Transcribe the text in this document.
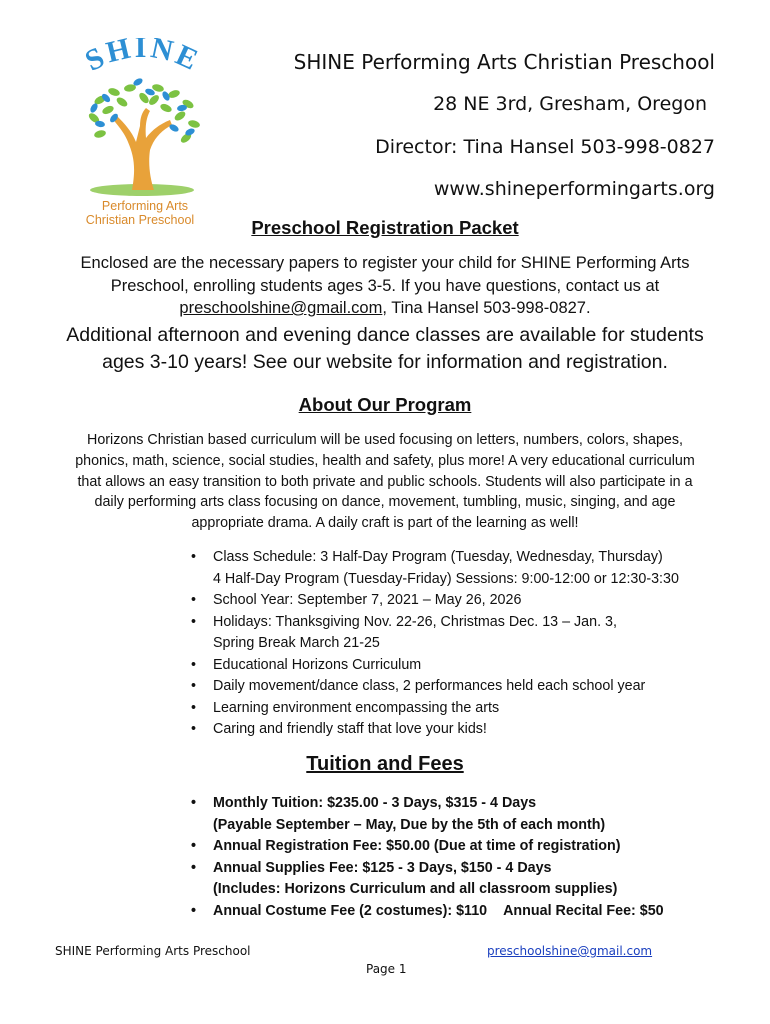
SHINE
Performing Arts
Christian Preschool
SHINE Performing Arts Christian Preschool
28 NE 3rd, Gresham, Oregon
Director: Tina Hansel 503-998-0827
www.shineperformingarts.org
Preschool Registration Packet
Enclosed are the necessary papers to register your child for SHINE Performing Arts
Preschool, enrolling students ages 3-5. If you have questions, contact us at
preschoolshine@gmail.com, Tina Hansel 503-998-0827.
Additional afternoon and evening dance classes are available for students
ages 3-10 years! See our website for information and registration.
About Our Program
Horizons Christian based curriculum will be used focusing on letters, numbers, colors, shapes,
phonics, math, science, social studies, health and safety, plus more! A very educational curriculum
that allows an easy transition to both private and public schools. Students will also participate in a
daily performing arts class focusing on dance, movement, tumbling, music, singing, and age
appropriate drama. A daily craft is part of the learning as well!
• Class Schedule: 3 Half-Day Program (Tuesday, Wednesday, Thursday)
4 Half-Day Program (Tuesday-Friday) Sessions: 9:00-12:00 or 12:30-3:30
• School Year: September 7, 2021 – May 26, 2026
• Holidays: Thanksgiving Nov. 22-26, Christmas Dec. 13 – Jan. 3,
Spring Break March 21-25
• Educational Horizons Curriculum
• Daily movement/dance class, 2 performances held each school year
• Learning environment encompassing the arts
• Caring and friendly staff that love your kids!
Tuition and Fees
• Monthly Tuition: $235.00 - 3 Days, $315 - 4 Days
(Payable September – May, Due by the 5th of each month)
• Annual Registration Fee: $50.00 (Due at time of registration)
• Annual Supplies Fee: $125 - 3 Days, $150 - 4 Days
(Includes: Horizons Curriculum and all classroom supplies)
• Annual Costume Fee (2 costumes): $110 Annual Recital Fee: $50
SHINE Performing Arts Preschool	preschoolshine@gmail.com
Page 1
